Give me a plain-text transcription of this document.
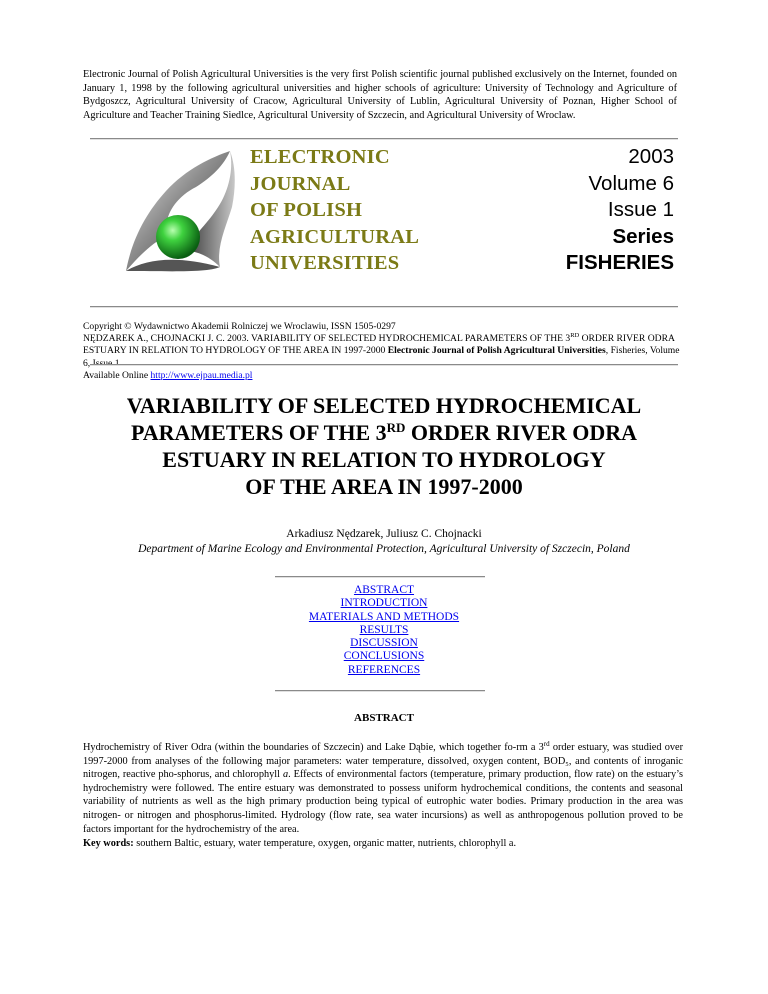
Electronic Journal of Polish Agricultural Universities is the very first Polish scientific journal published exclusively on the Internet, founded on January 1, 1998 by the following agricultural universities and higher schools of agriculture: University of Technology and Agriculture of Bydgoszcz, Agricultural University of Cracow, Agricultural University of Lublin, Agricultural University of Poznan, Higher School of Agriculture and Teacher Training Siedlce, Agricultural University of Szczecin, and Agricultural University of Wroclaw.
ELECTRONIC
JOURNAL
OF POLISH
AGRICULTURAL
UNIVERSITIES
2003
Volume 6
Issue 1
Series
FISHERIES
Copyright © Wydawnictwo Akademii Rolniczej we Wroclawiu, ISSN 1505-0297
NĘDZAREK A., CHOJNACKI J. C. 2003. VARIABILITY OF SELECTED HYDROCHEMICAL PARAMETERS OF THE 3RD ORDER RIVER ODRA ESTUARY IN RELATION TO HYDROLOGY OF THE AREA IN 1997-2000 Electronic Journal of Polish Agricultural Universities, Fisheries, Volume 6, Issue 1.
Available Online http://www.ejpau.media.pl
VARIABILITY OF SELECTED HYDROCHEMICAL
PARAMETERS OF THE 3RD ORDER RIVER ODRA
ESTUARY IN RELATION TO HYDROLOGY
OF THE AREA IN 1997-2000
Arkadiusz Nędzarek, Juliusz C. Chojnacki
Department of Marine Ecology and Environmental Protection, Agricultural University of Szczecin, Poland
ABSTRACT
INTRODUCTION
MATERIALS AND METHODS
RESULTS
DISCUSSION
CONCLUSIONS
REFERENCES
ABSTRACT
Hydrochemistry of River Odra (within the boundaries of Szczecin) and Lake Dąbie, which together fo-rm a 3rd order estuary, was studied over 1997-2000 from analyses of the following major parameters: water temperature, dissolved, oxygen content, BOD₅, and contents of inroganic nitrogen, reactive pho-sphorus, and chlorophyll a. Effects of environmental factors (temperature, primary production, flow rate) on the estuary’s hydrochemistry were followed. The entire estuary was demonstrated to possess uniform hydrochemical conditions, the contents and seasonal variability of nutrients as well as the high primary production being typical of eutrophic water bodies. Primary production in the area was nitrogen- or nitrogen and phosphorus-limited. Hydrology (flow rate, sea water incursions) as well as anthropogenous pollution proved to be factors important for the hydrochemistry of the area.
Key words: southern Baltic, estuary, water temperature, oxygen, organic matter, nutrients, chlorophyll a.
